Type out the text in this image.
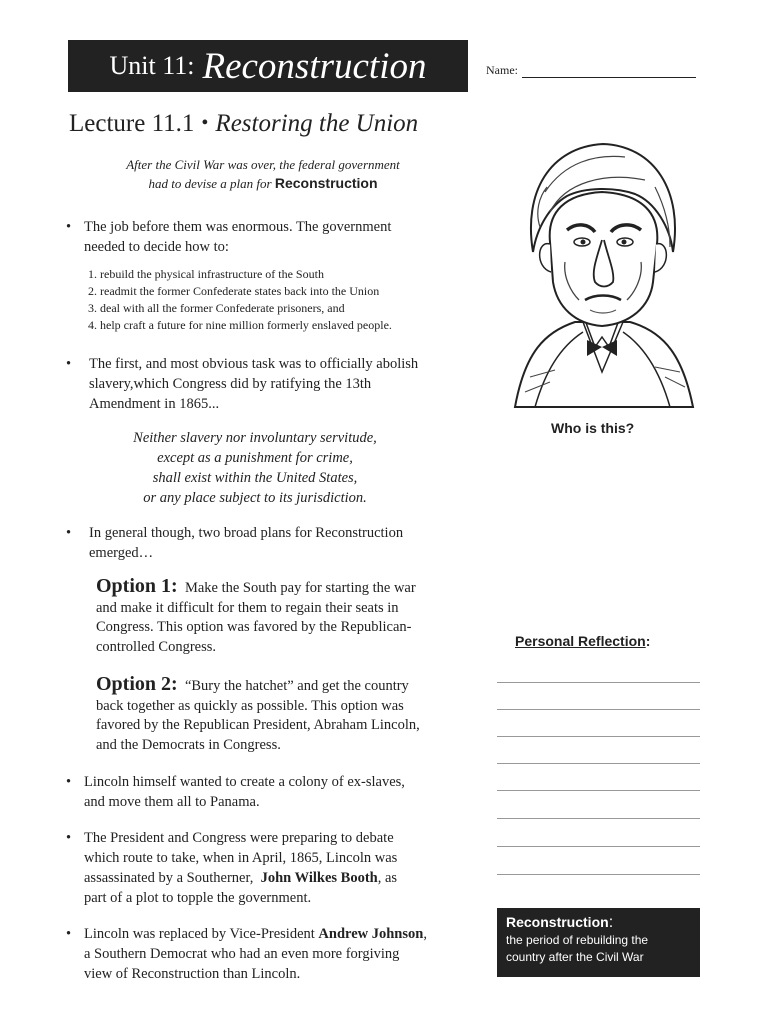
Unit 11: Reconstruction	Name:
Lecture 11.1 • Restoring the Union
After the Civil War was over, the federal government
had to devise a plan for Reconstruction
• The job before them was enormous. The government
needed to decide how to:
1. rebuild the physical infrastructure of the South
2. readmit the former Confederate states back into the Union
3. deal with all the former Confederate prisoners, and
4. help craft a future for nine million formerly enslaved people.
• The first, and most obvious task was to officially abolish
slavery,which Congress did by ratifying the 13th
Amendment in 1865...
Neither slavery nor involuntary servitude,
except as a punishment for crime,
shall exist within the United States,
or any place subject to its jurisdiction.
• In general though, two broad plans for Reconstruction
emerged…
Option 1: Make the South pay for starting the war
and make it difficult for them to regain their seats in
Congress. This option was favored by the Republican-
controlled Congress.
Option 2: “Bury the hatchet” and get the country
back together as quickly as possible. This option was
favored by the Republican President, Abraham Lincoln,
and the Democrats in Congress.
• Lincoln himself wanted to create a colony of ex-slaves,
and move them all to Panama.
• The President and Congress were preparing to debate
which route to take, when in April, 1865, Lincoln was
assassinated by a Southerner, John Wilkes Booth, as
part of a plot to topple the government.
• Lincoln was replaced by Vice-President Andrew Johnson,
a Southern Democrat who had an even more forgiving
view of Reconstruction than Lincoln.
Who is this?
Personal Reflection:
Reconstruction:
the period of rebuilding the
country after the Civil War
